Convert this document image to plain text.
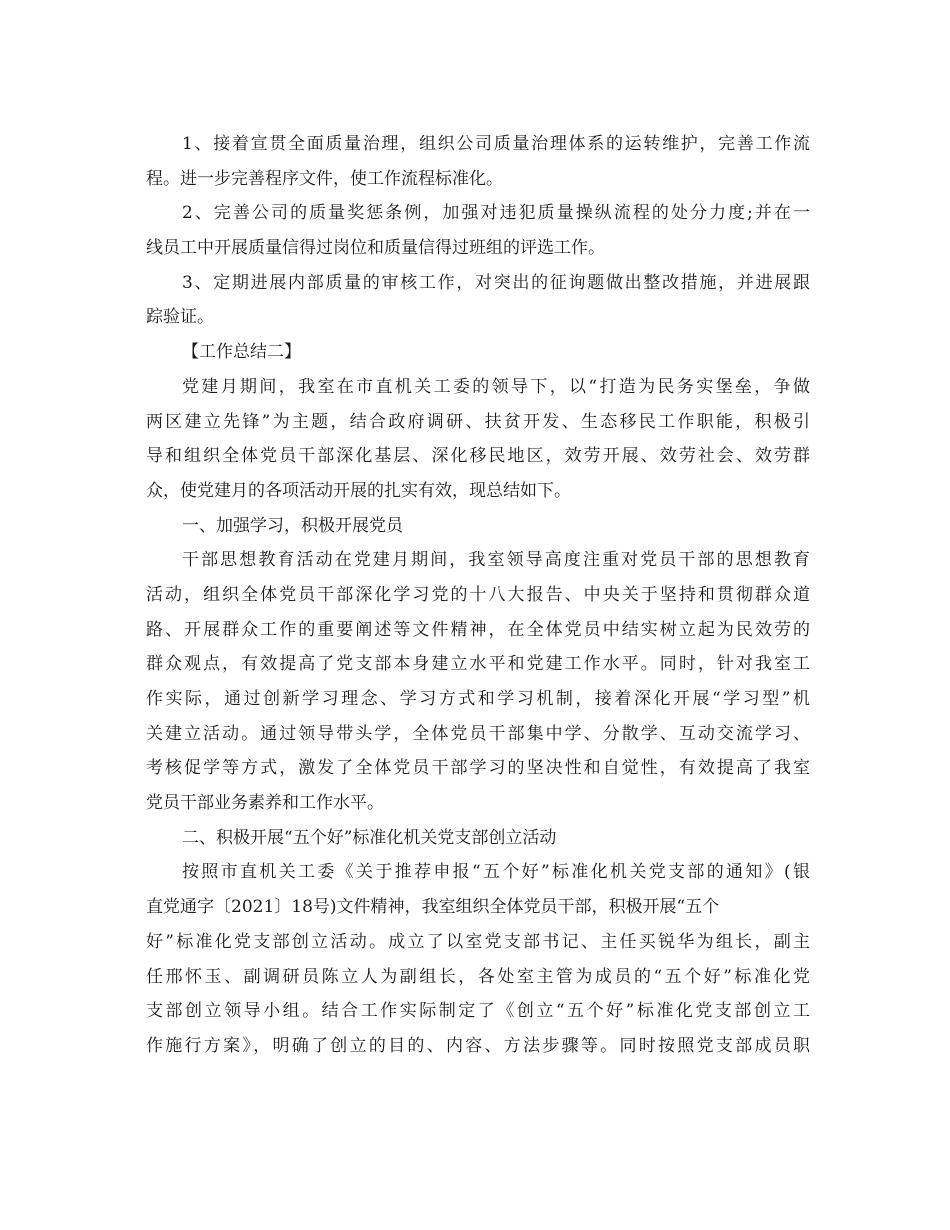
1、接着宣贯全面质量治理，组织公司质量治理体系的运转维护，完善工作流
程。进一步完善程序文件，使工作流程标准化。
2、完善公司的质量奖惩条例，加强对违犯质量操纵流程的处分力度;并在一
线员工中开展质量信得过岗位和质量信得过班组的评选工作。
3、定期进展内部质量的审核工作，对突出的征询题做出整改措施，并进展跟
踪验证。
【工作总结二】
党建月期间，我室在市直机关工委的领导下，以“打造为民务实堡垒，争做
两区建立先锋”为主题，结合政府调研、扶贫开发、生态移民工作职能，积极引
导和组织全体党员干部深化基层、深化移民地区，效劳开展、效劳社会、效劳群
众，使党建月的各项活动开展的扎实有效，现总结如下。
一、加强学习，积极开展党员
干部思想教育活动在党建月期间，我室领导高度注重对党员干部的思想教育
活动，组织全体党员干部深化学习党的十八大报告、中央关于坚持和贯彻群众道
路、开展群众工作的重要阐述等文件精神，在全体党员中结实树立起为民效劳的
群众观点，有效提高了党支部本身建立水平和党建工作水平。同时，针对我室工
作实际，通过创新学习理念、学习方式和学习机制，接着深化开展“学习型”机
关建立活动。通过领导带头学，全体党员干部集中学、分散学、互动交流学习、
考核促学等方式，激发了全体党员干部学习的坚决性和自觉性，有效提高了我室
党员干部业务素养和工作水平。
二、积极开展“五个好”标准化机关党支部创立活动
按照市直机关工委《关于推荐申报“五个好”标准化机关党支部的通知》(银
直党通字〔2021〕18号)文件精神，我室组织全体党员干部，积极开展“五个
好”标准化党支部创立活动。成立了以室党支部书记、主任买锐华为组长，副主
任邢怀玉、副调研员陈立人为副组长，各处室主管为成员的“五个好”标准化党
支部创立领导小组。结合工作实际制定了《创立“五个好”标准化党支部创立工
作施行方案》，明确了创立的目的、内容、方法步骤等。同时按照党支部成员职
